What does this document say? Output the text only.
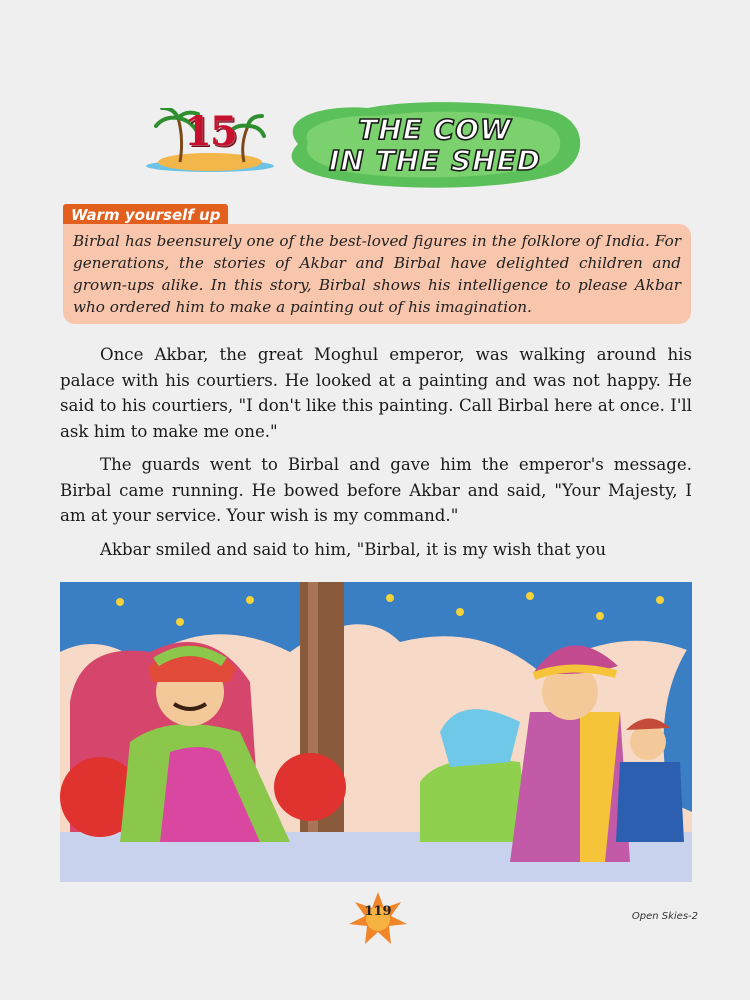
15	THE COW
IN THE SHED
Warm yourself up
Birbal has beensurely one of the best-loved figures in the folklore of India. For generations, the stories of Akbar and Birbal have delighted children and grown-ups alike. In this story, Birbal shows his intelligence to please Akbar who ordered him to make a painting out of his imagination.

Once Akbar, the great Moghul emperor, was walking around his palace with his courtiers. He looked at a painting and was not happy. He said to his courtiers, "I don't like this painting. Call Birbal here at once. I'll ask him to make me one."

The guards went to Birbal and gave him the emperor's message. Birbal came running. He bowed before Akbar and said, "Your Majesty, I am at your service. Your wish is my command."

Akbar smiled and said to him, "Birbal, it is my wish that you

119	Open Skies-2
